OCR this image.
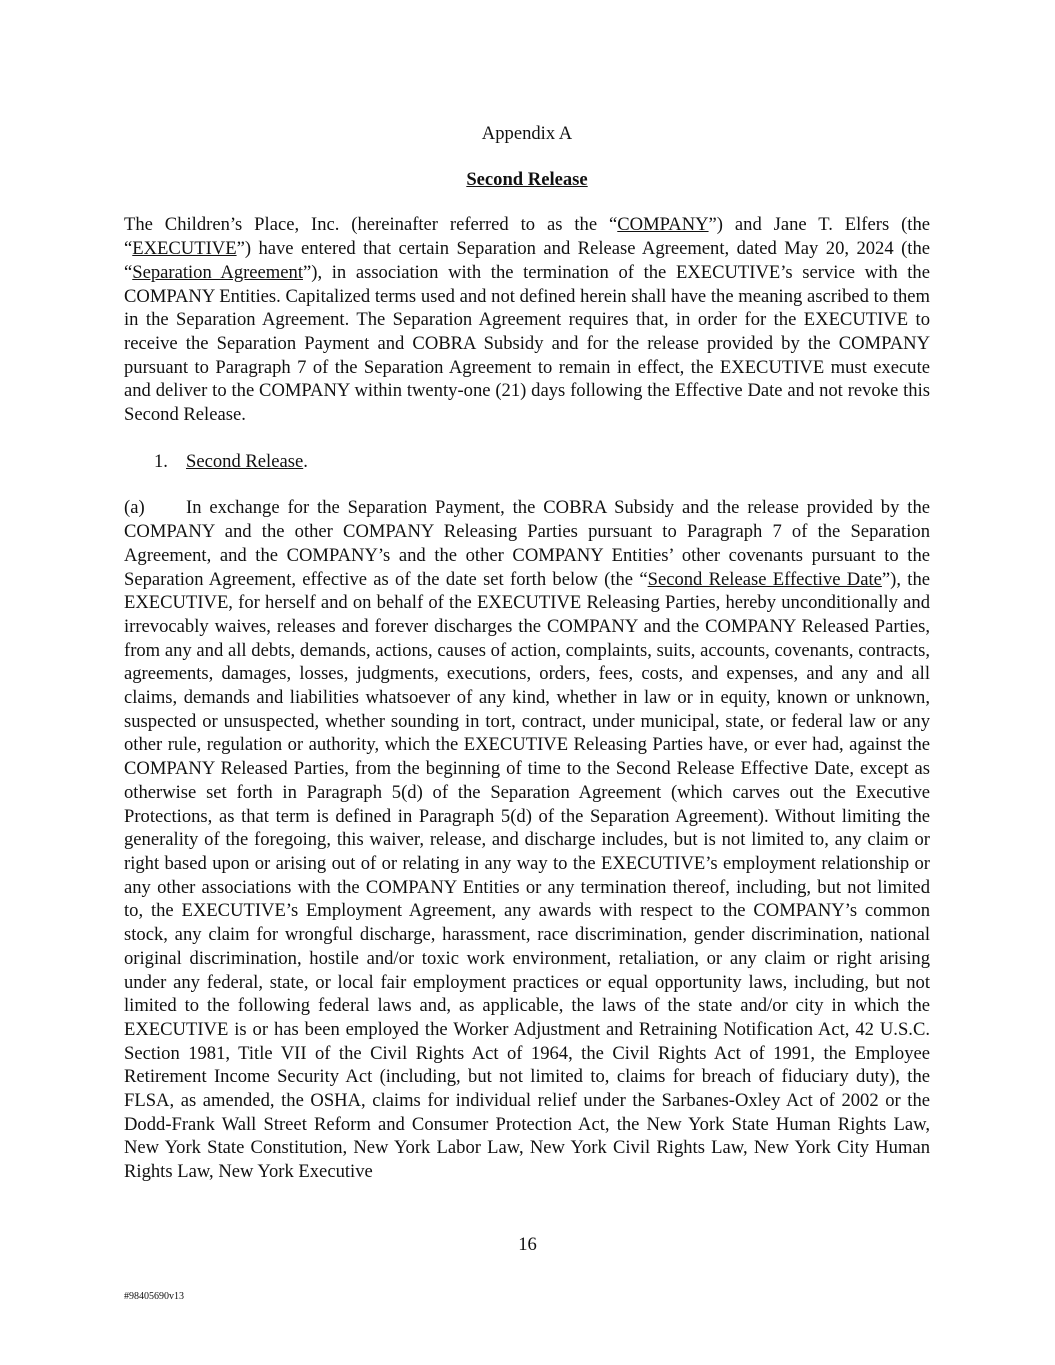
Appendix A

Second Release

The Children’s Place, Inc. (hereinafter referred to as the “COMPANY”) and Jane T. Elfers (the “EXECUTIVE”) have entered that certain Separation and Release Agreement, dated May 20, 2024 (the “Separation Agreement”), in association with the termination of the EXECUTIVE’s service with the COMPANY Entities. Capitalized terms used and not defined herein shall have the meaning ascribed to them in the Separation Agreement. The Separation Agreement requires that, in order for the EXECUTIVE to receive the Separation Payment and COBRA Subsidy and for the release provided by the COMPANY pursuant to Paragraph 7 of the Separation Agreement to remain in effect, the EXECUTIVE must execute and deliver to the COMPANY within twenty-one (21) days following the Effective Date and not revoke this Second Release.

1. Second Release.

(a) In exchange for the Separation Payment, the COBRA Subsidy and the release provided by the COMPANY and the other COMPANY Releasing Parties pursuant to Paragraph 7 of the Separation Agreement, and the COMPANY’s and the other COMPANY Entities’ other covenants pursuant to the Separation Agreement, effective as of the date set forth below (the “Second Release Effective Date”), the EXECUTIVE, for herself and on behalf of the EXECUTIVE Releasing Parties, hereby unconditionally and irrevocably waives, releases and forever discharges the COMPANY and the COMPANY Released Parties, from any and all debts, demands, actions, causes of action, complaints, suits, accounts, covenants, contracts, agreements, damages, losses, judgments, executions, orders, fees, costs, and expenses, and any and all claims, demands and liabilities whatsoever of any kind, whether in law or in equity, known or unknown, suspected or unsuspected, whether sounding in tort, contract, under municipal, state, or federal law or any other rule, regulation or authority, which the EXECUTIVE Releasing Parties have, or ever had, against the COMPANY Released Parties, from the beginning of time to the Second Release Effective Date, except as otherwise set forth in Paragraph 5(d) of the Separation Agreement (which carves out the Executive Protections, as that term is defined in Paragraph 5(d) of the Separation Agreement). Without limiting the generality of the foregoing, this waiver, release, and discharge includes, but is not limited to, any claim or right based upon or arising out of or relating in any way to the EXECUTIVE’s employment relationship or any other associations with the COMPANY Entities or any termination thereof, including, but not limited to, the EXECUTIVE’s Employment Agreement, any awards with respect to the COMPANY’s common stock, any claim for wrongful discharge, harassment, race discrimination, gender discrimination, national original discrimination, hostile and/or toxic work environment, retaliation, or any claim or right arising under any federal, state, or local fair employment practices or equal opportunity laws, including, but not limited to the following federal laws and, as applicable, the laws of the state and/or city in which the EXECUTIVE is or has been employed the Worker Adjustment and Retraining Notification Act, 42 U.S.C. Section 1981, Title VII of the Civil Rights Act of 1964, the Civil Rights Act of 1991, the Employee Retirement Income Security Act (including, but not limited to, claims for breach of fiduciary duty), the FLSA, as amended, the OSHA, claims for individual relief under the Sarbanes-Oxley Act of 2002 or the Dodd-Frank Wall Street Reform and Consumer Protection Act, the New York State Human Rights Law, New York State Constitution, New York Labor Law, New York Civil Rights Law, New York City Human Rights Law, New York Executive

16
#98405690v13
